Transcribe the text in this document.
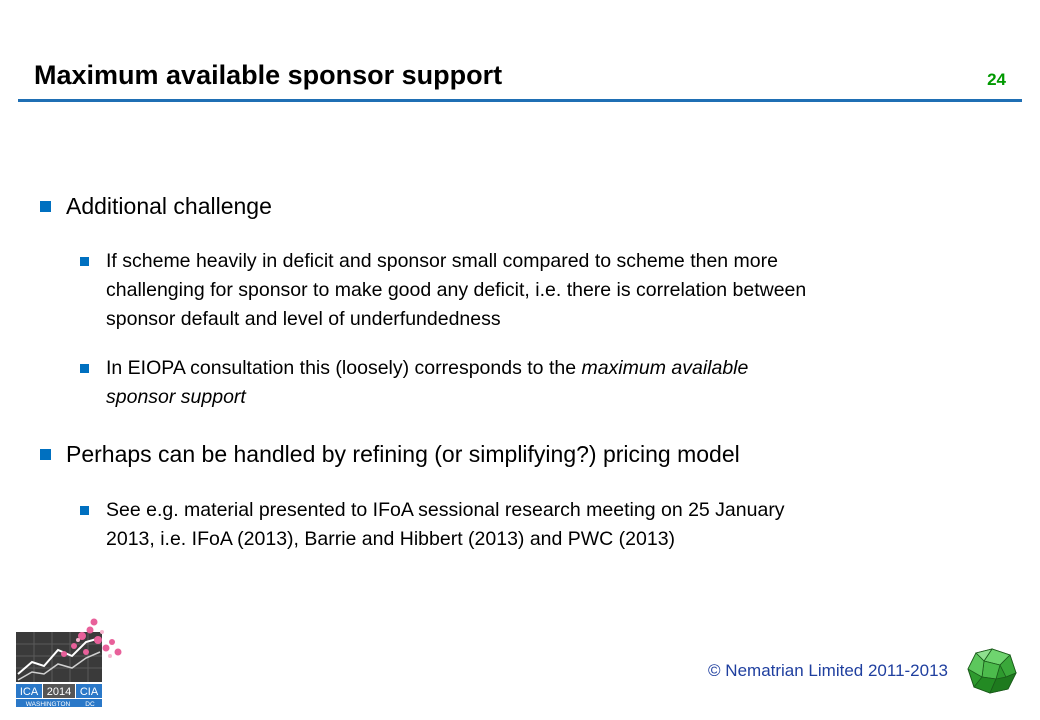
Maximum available sponsor support	24
Additional challenge
If scheme heavily in deficit and sponsor small compared to scheme then more
challenging for sponsor to make good any deficit, i.e. there is correlation between
sponsor default and level of underfundedness
In EIOPA consultation this (loosely) corresponds to the maximum available
sponsor support
Perhaps can be handled by refining (or simplifying?) pricing model
See e.g. material presented to IFoA sessional research meeting on 25 January
2013, i.e. IFoA (2013), Barrie and Hibbert (2013) and PWC (2013)
ICA 2014 CIA
WASHINGTON DC
© Nematrian Limited 2011-2013
